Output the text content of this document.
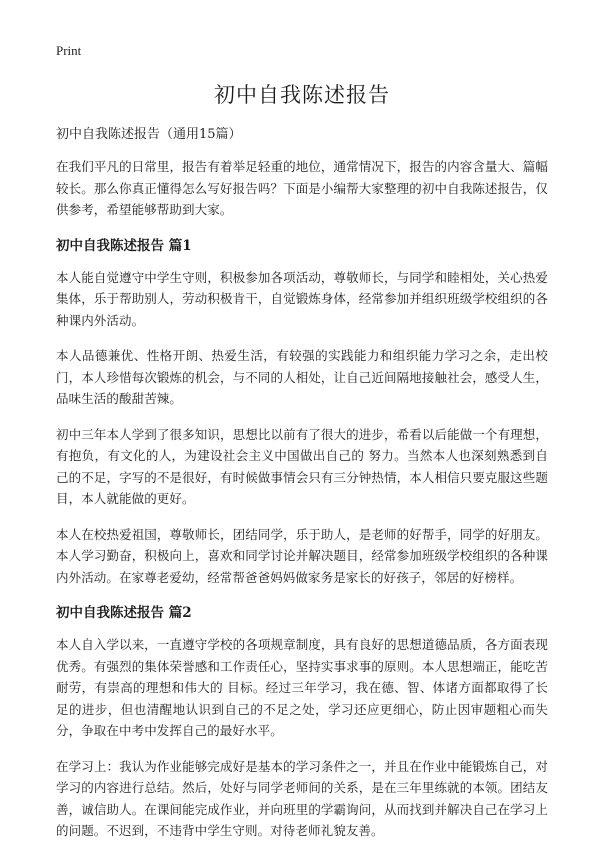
Print
初中自我陈述报告
初中自我陈述报告（通用15篇）

在我们平凡的日常里，报告有着举足轻重的地位，通常情况下，报告的内容含量大、篇幅较长。那么你真正懂得怎么写好报告吗？下面是小编帮大家整理的初中自我陈述报告，仅供参考，希望能够帮助到大家。

初中自我陈述报告 篇1

本人能自觉遵守中学生守则，积极参加各项活动，尊敬师长，与同学和睦相处，关心热爱集体，乐于帮助别人，劳动积极肯干，自觉锻炼身体，经常参加并组织班级学校组织的各种课内外活动。

本人品德兼优、性格开朗、热爱生活，有较强的实践能力和组织能力学习之余，走出校门，本人珍惜每次锻炼的机会，与不同的人相处，让自己近间隔地接触社会，感受人生，品味生活的酸甜苦辣。

初中三年本人学到了很多知识，思想比以前有了很大的进步，希看以后能做一个有理想，有抱负，有文化的人，为建设社会主义中国做出自己的 努力。当然本人也深刻熟悉到自己的不足，字写的不是很好，有时候做事情会只有三分钟热情，本人相信只要克服这些题目，本人就能做的更好。

本人在校热爱祖国，尊敬师长，团结同学，乐于助人，是老师的好帮手，同学的好朋友。本人学习勤奋，积极向上，喜欢和同学讨论并解决题目，经常参加班级学校组织的各种课内外活动。在家尊老爱幼，经常帮爸爸妈妈做家务是家长的好孩子，邻居的好榜样。

初中自我陈述报告 篇2

本人自入学以来，一直遵守学校的各项规章制度，具有良好的思想道德品质，各方面表现优秀。有强烈的集体荣誉感和工作责任心，坚持实事求事的原则。本人思想端正，能吃苦耐劳，有崇高的理想和伟大的 目标。经过三年学习，我在德、智、体诸方面都取得了长足的进步，但也清醒地认识到自己的不足之处，学习还应更细心，防止因审题粗心而失分，争取在中考中发挥自己的最好水平。

在学习上：我认为作业能够完成好是基本的学习条件之一，并且在作业中能锻炼自己，对学习的内容进行总结。然后，处好与同学老师间的关系，是在三年里练就的本领。团结友善，诚信助人。在课间能完成作业，并向班里的学霸询问，从而找到并解决自己在学习上的问题。不迟到，不违背中学生守则。对待老师礼貌友善。
